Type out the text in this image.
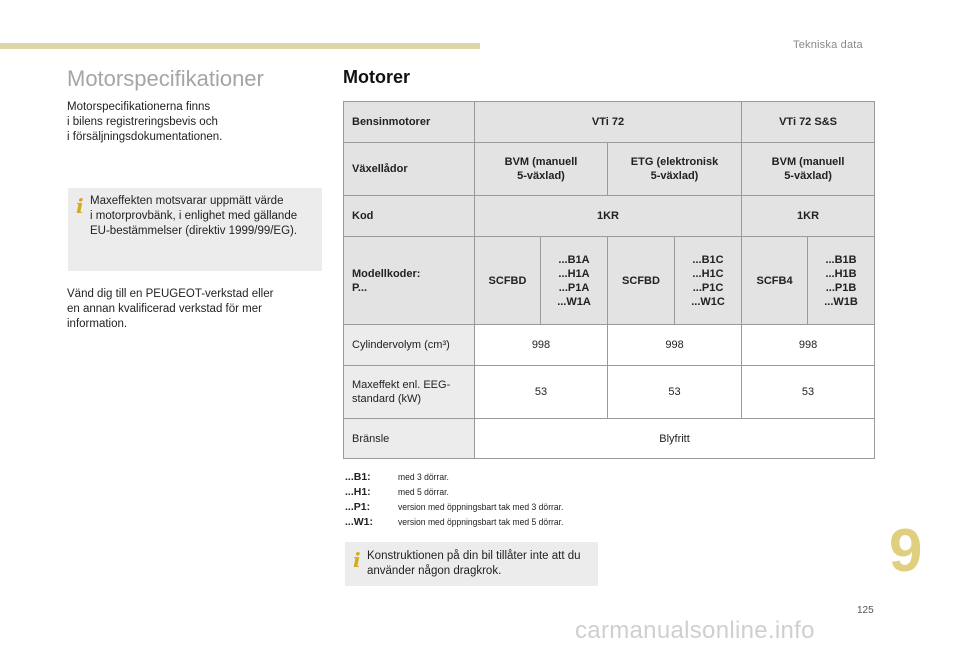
Tekniska data
Motorspecifikationer

Motorspecifikationerna finns
i bilens registreringsbevis och
i försäljningsdokumentationen.

i Maxeffekten motsvarar uppmätt värde
i motorprovbänk, i enlighet med gällande
EU-bestämmelser (direktiv 1999/99/EG).

Vänd dig till en PEUGEOT-verkstad eller
en annan kvalificerad verkstad för mer
information.

Motorer
Bensinmotorer	VTi 72				VTi 72 S&S	
Växellådor	BVM (manuell
5-växlad)		ETG (elektronisk
5-växlad)		BVM (manuell
5-växlad)	
Kod	1KR				1KR	
Modellkoder:
P...	SCFBD	...B1A
...H1A
...P1A
...W1A	SCFBD	...B1C
...H1C
...P1C
...W1C	SCFB4	...B1B
...H1B
...P1B
...W1B
Cylindervolym (cm³)	998		998		998	
Maxeffekt enl. EEG-
standard (kW)	53		53		53	
Bränsle	Blyfritt					
...B1:	med 3 dörrar.
...H1:	med 5 dörrar.
...P1:	version med öppningsbart tak med 3 dörrar.
...W1:	version med öppningsbart tak med 5 dörrar.
i Konstruktionen på din bil tillåter inte att du
använder någon dragkrok.	9
125
carmanualsonline.info
